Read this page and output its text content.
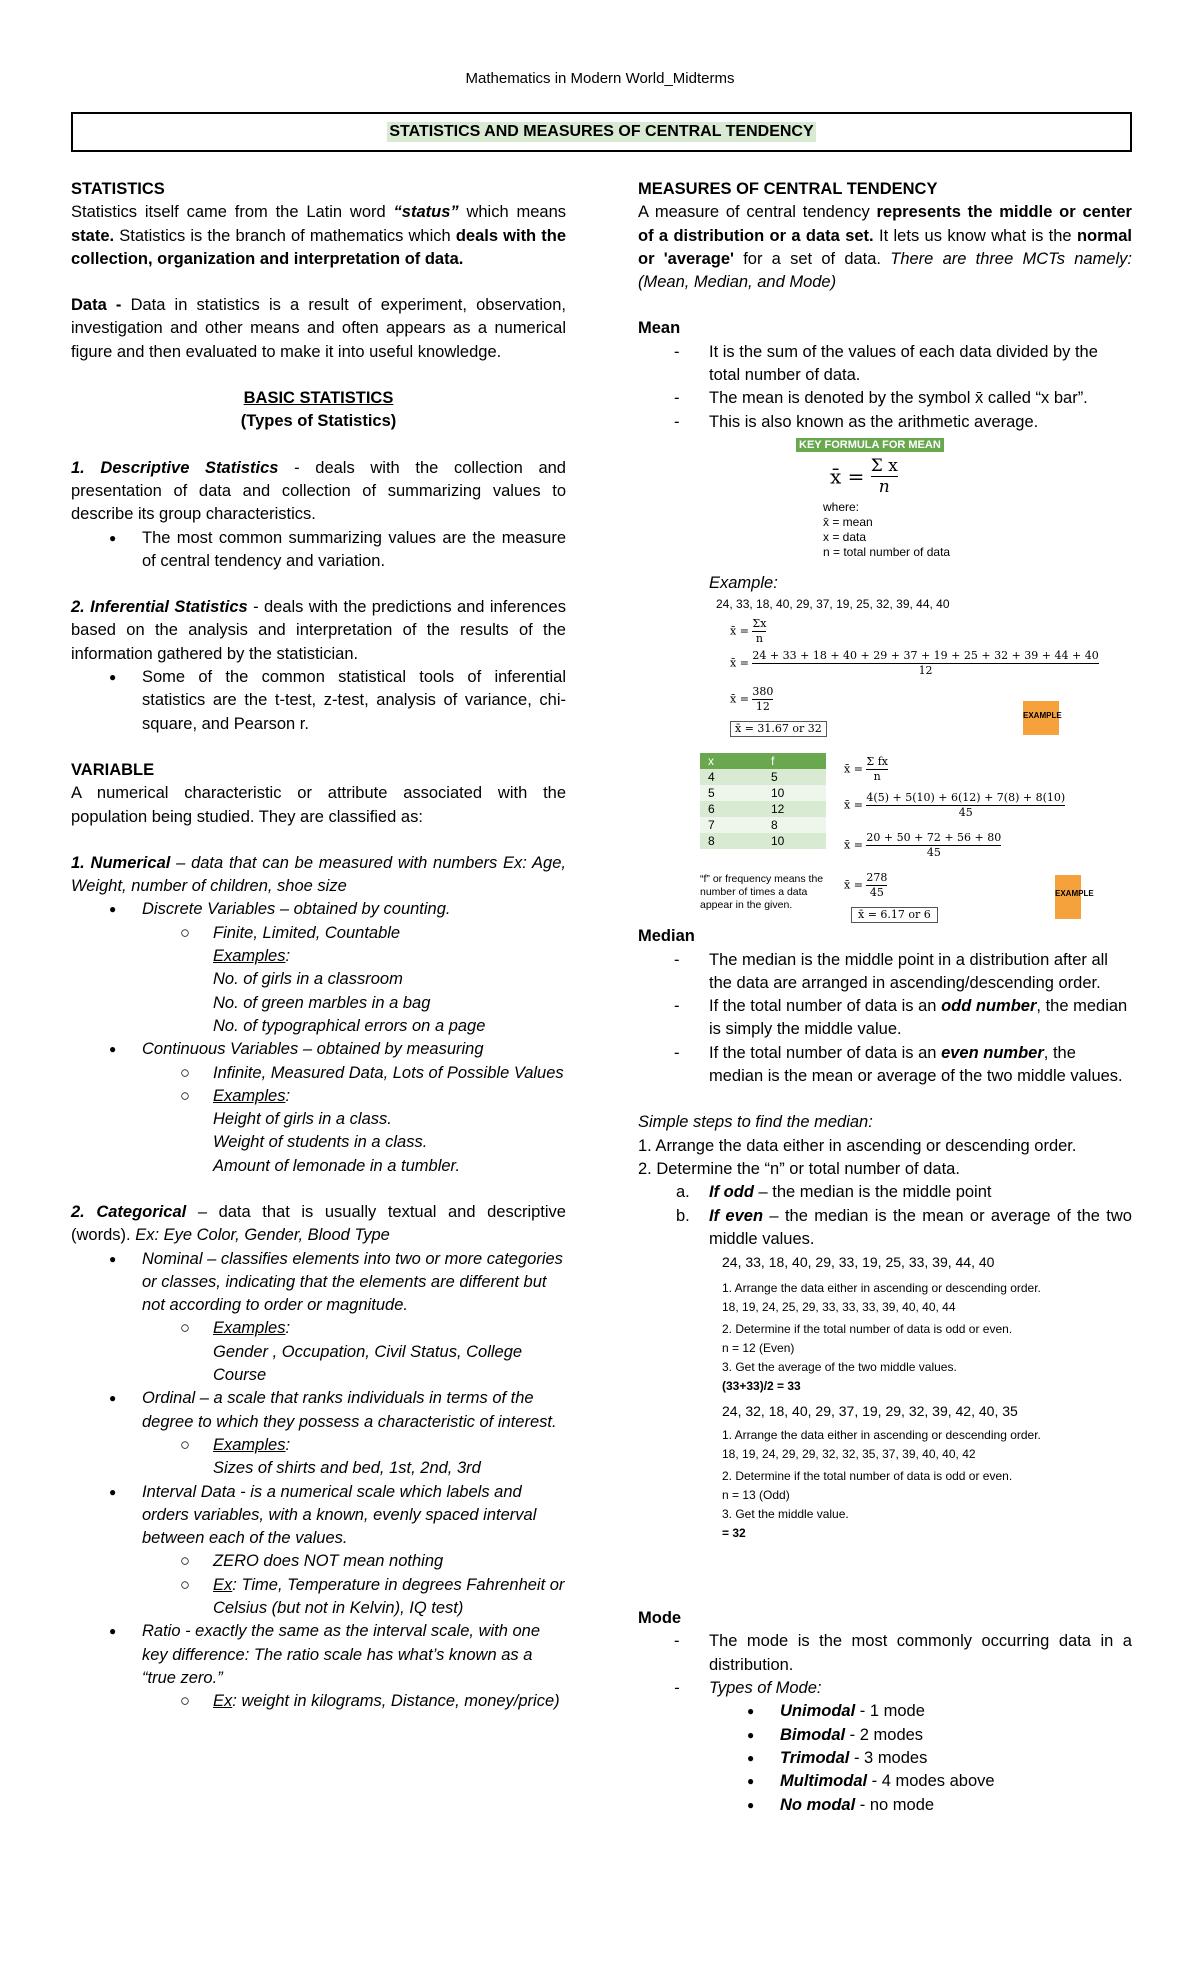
Mathematics in Modern World_Midterms
STATISTICS AND MEASURES OF CENTRAL TENDENCY

STATISTICS

Statistics itself came from the Latin word “status” which means state. Statistics is the branch of mathematics which deals with the collection, organization and interpretation of data.

Data - Data in statistics is a result of experiment, observation, investigation and other means and often appears as a numerical figure and then evaluated to make it into useful knowledge.

BASIC STATISTICS

(Types of Statistics)

1. Descriptive Statistics - deals with the collection and presentation of data and collection of summarizing values to describe its group characteristics.

● The most common summarizing values are the measure of central tendency and variation.

2. Inferential Statistics - deals with the predictions and inferences based on the analysis and interpretation of the results of the information gathered by the statistician.

● Some of the common statistical tools of inferential statistics are the t-test, z-test, analysis of variance, chi-square, and Pearson r.

VARIABLE

A numerical characteristic or attribute associated with the population being studied. They are classified as:

1. Numerical – data that can be measured with numbers Ex: Age, Weight, number of children, shoe size

● Discrete Variables – obtained by counting.
○ Finite, Limited, Countable
Examples:
No. of girls in a classroom
No. of green marbles in a bag
No. of typographical errors on a page
● Continuous Variables – obtained by measuring
○ Infinite, Measured Data, Lots of Possible Values
○ Examples:
Height of girls in a class.
Weight of students in a class.
Amount of lemonade in a tumbler.

2. Categorical – data that is usually textual and descriptive (words). Ex: Eye Color, Gender, Blood Type

● Nominal – classifies elements into two or more categories or classes, indicating that the elements are different but not according to order or magnitude.
○ Examples:
Gender , Occupation, Civil Status, College Course
● Ordinal – a scale that ranks individuals in terms of the degree to which they possess a characteristic of interest.
○ Examples:
Sizes of shirts and bed, 1st, 2nd, 3rd
● Interval Data - is a numerical scale which labels and orders variables, with a known, evenly spaced interval between each of the values.
○ ZERO does NOT mean nothing
○ Ex: Time, Temperature in degrees Fahrenheit or Celsius (but not in Kelvin), IQ test)
● Ratio - exactly the same as the interval scale, with one key difference: The ratio scale has what’s known as a “true zero.”
○ Ex: weight in kilograms, Distance, money/price)

MEASURES OF CENTRAL TENDENCY

A measure of central tendency represents the middle or center of a distribution or a data set. It lets us know what is the normal or 'average' for a set of data. There are three MCTs namely: (Mean, Median, and Mode)

Mean

- It is the sum of the values of each data divided by the total number of data.
- The mean is denoted by the symbol x̄ called “x bar”.
- This is also known as the arithmetic average.
KEY FORMULA FOR MEAN
x̄ = $\frac{\text{Σ x}}{n}$
where:
x̄ = mean
x = data
n = total number of data

Example:

24, 33, 18, 40, 29, 37, 19, 25, 32, 39, 44, 40
x̄ = $\frac{\Sigma x}{n}$
x̄ = $\frac{24 + 33 + 18 + 40 + 29 + 37 + 19 + 25 + 32 + 39 + 44 + 40}{12}$
x̄ = $\frac{380}{12}$
x̄ = 31.67 or 32
EXAMPLE
x	f
4	5
5	10
6	12
7	8
8	10
“f” or frequency means the number of times a data appear in the given.
x̄ = $\frac{\text{Σ fx}}{n}$
x̄ = $\frac{4(5) + 5(10) + 6(12) + 7(8) + 8(10)}{45}$
x̄ = $\frac{20 + 50 + 72 + 56 + 80}{45}$
x̄ = $\frac{278}{45}$
x̄ = 6.17 or 6
EXAMPLE

Median

- The median is the middle point in a distribution after all the data are arranged in ascending/descending order.
- If the total number of data is an odd number, the median is simply the middle value.
- If the total number of data is an even number, the median is the mean or average of the two middle values.

Simple steps to find the median:

1. Arrange the data either in ascending or descending order.

2. Determine the “n” or total number of data.

a. If odd – the median is the middle point
b. If even – the median is the mean or average of the two middle values.
24, 33, 18, 40, 29, 33, 19, 25, 33, 39, 44, 40
1. Arrange the data either in ascending or descending order.
18, 19, 24, 25, 29, 33, 33, 33, 39, 40, 40, 44
2. Determine if the total number of data is odd or even.
n = 12 (Even)
3. Get the average of the two middle values.
(33+33)/2 = 33
24, 32, 18, 40, 29, 37, 19, 29, 32, 39, 42, 40, 35
1. Arrange the data either in ascending or descending order.
18, 19, 24, 29, 29, 32, 32, 35, 37, 39, 40, 40, 42
2. Determine if the total number of data is odd or even.
n = 13 (Odd)
3. Get the middle value.
= 32

Mode

- The mode is the most commonly occurring data in a distribution.
- Types of Mode:
● Unimodal - 1 mode
● Bimodal - 2 modes
● Trimodal - 3 modes
● Multimodal - 4 modes above
● No modal - no mode
